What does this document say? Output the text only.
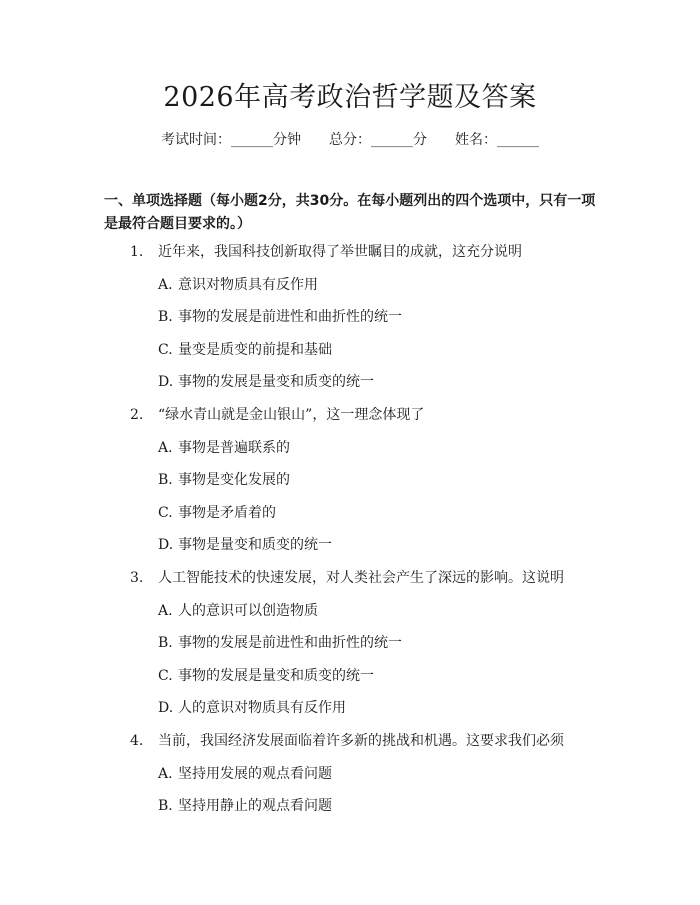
2026年高考政治哲学题及答案
考试时间：______分钟 总分：______分 姓名：______
一、单项选择题（每小题2分，共30分。在每小题列出的四个选项中，只有一项是最符合题目要求的。）
1. 近年来，我国科技创新取得了举世瞩目的成就，这充分说明
A. 意识对物质具有反作用
B. 事物的发展是前进性和曲折性的统一
C. 量变是质变的前提和基础
D. 事物的发展是量变和质变的统一
2. “绿水青山就是金山银山”，这一理念体现了
A. 事物是普遍联系的
B. 事物是变化发展的
C. 事物是矛盾着的
D. 事物是量变和质变的统一
3. 人工智能技术的快速发展，对人类社会产生了深远的影响。这说明
A. 人的意识可以创造物质
B. 事物的发展是前进性和曲折性的统一
C. 事物的发展是量变和质变的统一
D. 人的意识对物质具有反作用
4. 当前，我国经济发展面临着许多新的挑战和机遇。这要求我们必须
A. 坚持用发展的观点看问题
B. 坚持用静止的观点看问题
